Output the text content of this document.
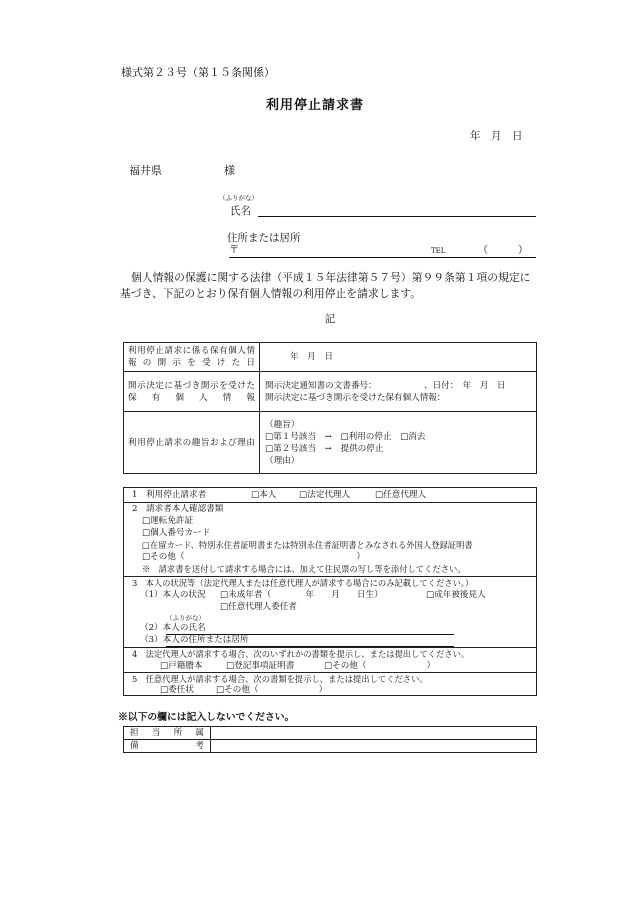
様式第２３号（第１５条関係）
利用停止請求書
年　月　日
福井県	様
（ふりがな）
氏名
住所または居所
〒	TEL	（　　　）
個人情報の保護に関する法律（平成１５年法律第５７号）第９９条第１項の規定に基づき、下記のとおり保有個人情報の利用停止を請求します。
記
利用停止請求に係る保有個人情報の開示を受けた日	年　月　日
開示決定に基づき開示を受けた保有個人情報	開示決定通知書の文書番号：　　　　　　、日付：　年　月　日
開示決定に基づき開示を受けた保有個人情報：

利用停止請求の趣旨および理由	（趣旨）
□第１号該当　→　□利用の停止　□消去
□第２号該当　→　提供の停止
（理由）
1　利用停止請求者 □	本人 □	法定代理人 □	任意代理人
2　請求者本人確認書類
□ 運転免許証
□ 個人番号カード
□ 在留カード、特別永住者証明書または特別永住者証明書とみなされる外国人登録証明書
□ その他（　　　　　　　　　　　　　　　　　　　　）
※　請求書を送付して請求する場合には、加えて住民票の写し等を添付してください。
3　本人の状況等（法定代理人または任意代理人が請求する場合にのみ記載してください。）
（1）本人の状況 □	未成年者（　　　　年　　月　　日生） □	成年被後見人
□ 任意代理人委任者
（ふりがな）
（2）本人の氏名
（3）本人の住所または居所
4　法定代理人が請求する場合、次のいずれかの書類を提示し、または提出してください。
□ 戸籍謄本 □	登記事項証明書 □	その他（　　　　　　　）
5　任意代理人が請求する場合、次の書類を提示し、または提出してください。
□ 委任状 □	その他（　　　　　　　）
※以下の欄には記入しないでください。
担当所属	
備考	
